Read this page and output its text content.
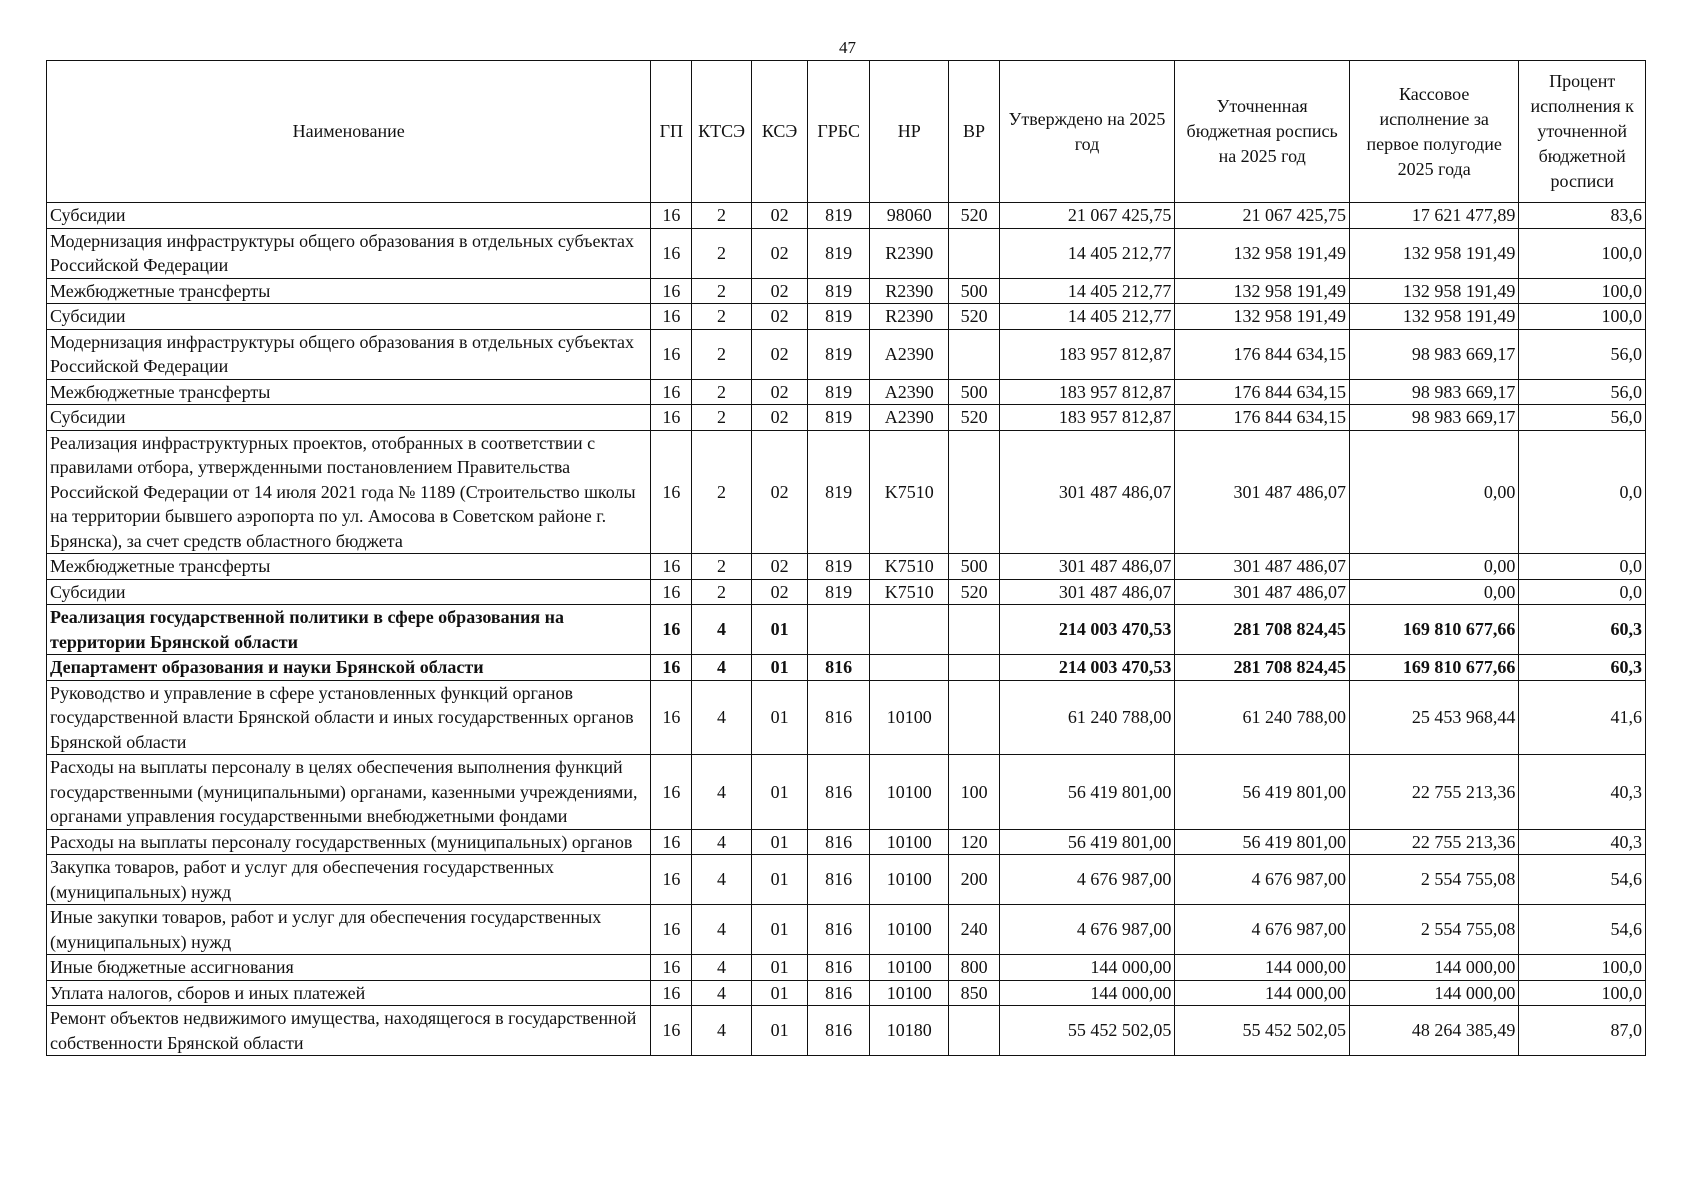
47
Наименование	ГП	КТСЭ	КСЭ	ГРБС	НР	ВР	Утверждено на 2025 год	Уточненная бюджетная роспись на 2025 год	Кассовое исполнение за первое полугодие 2025 года	Процент исполнения к уточненной бюджетной росписи
Субсидии	16	2	02	819	98060	520	21 067 425,75	21 067 425,75	17 621 477,89	83,6
Модернизация инфраструктуры общего образования в отдельных субъектах Российской Федерации	16	2	02	819	R2390		14 405 212,77	132 958 191,49	132 958 191,49	100,0
Межбюджетные трансферты	16	2	02	819	R2390	500	14 405 212,77	132 958 191,49	132 958 191,49	100,0
Субсидии	16	2	02	819	R2390	520	14 405 212,77	132 958 191,49	132 958 191,49	100,0
Модернизация инфраструктуры общего образования в отдельных субъектах Российской Федерации	16	2	02	819	A2390		183 957 812,87	176 844 634,15	98 983 669,17	56,0
Межбюджетные трансферты	16	2	02	819	A2390	500	183 957 812,87	176 844 634,15	98 983 669,17	56,0
Субсидии	16	2	02	819	A2390	520	183 957 812,87	176 844 634,15	98 983 669,17	56,0
Реализация инфраструктурных проектов, отобранных в соответствии с правилами отбора, утвержденными постановлением Правительства Российской Федерации от 14 июля 2021 года № 1189 (Строительство школы на территории бывшего аэропорта по ул. Амосова в Советском районе г. Брянска), за счет средств областного бюджета	16	2	02	819	K7510		301 487 486,07	301 487 486,07	0,00	0,0
Межбюджетные трансферты	16	2	02	819	K7510	500	301 487 486,07	301 487 486,07	0,00	0,0
Субсидии	16	2	02	819	K7510	520	301 487 486,07	301 487 486,07	0,00	0,0
Реализация государственной политики в сфере образования на территории Брянской области	16	4	01				214 003 470,53	281 708 824,45	169 810 677,66	60,3
Департамент образования и науки Брянской области	16	4	01	816			214 003 470,53	281 708 824,45	169 810 677,66	60,3
Руководство и управление в сфере установленных функций органов государственной власти Брянской области и иных государственных органов Брянской области	16	4	01	816	10100		61 240 788,00	61 240 788,00	25 453 968,44	41,6
Расходы на выплаты персоналу в целях обеспечения выполнения функций государственными (муниципальными) органами, казенными учреждениями, органами управления государственными внебюджетными фондами	16	4	01	816	10100	100	56 419 801,00	56 419 801,00	22 755 213,36	40,3
Расходы на выплаты персоналу государственных (муниципальных) органов	16	4	01	816	10100	120	56 419 801,00	56 419 801,00	22 755 213,36	40,3
Закупка товаров, работ и услуг для обеспечения государственных (муниципальных) нужд	16	4	01	816	10100	200	4 676 987,00	4 676 987,00	2 554 755,08	54,6
Иные закупки товаров, работ и услуг для обеспечения государственных (муниципальных) нужд	16	4	01	816	10100	240	4 676 987,00	4 676 987,00	2 554 755,08	54,6
Иные бюджетные ассигнования	16	4	01	816	10100	800	144 000,00	144 000,00	144 000,00	100,0
Уплата налогов, сборов и иных платежей	16	4	01	816	10100	850	144 000,00	144 000,00	144 000,00	100,0
Ремонт объектов недвижимого имущества, находящегося в государственной собственности Брянской области	16	4	01	816	10180		55 452 502,05	55 452 502,05	48 264 385,49	87,0
